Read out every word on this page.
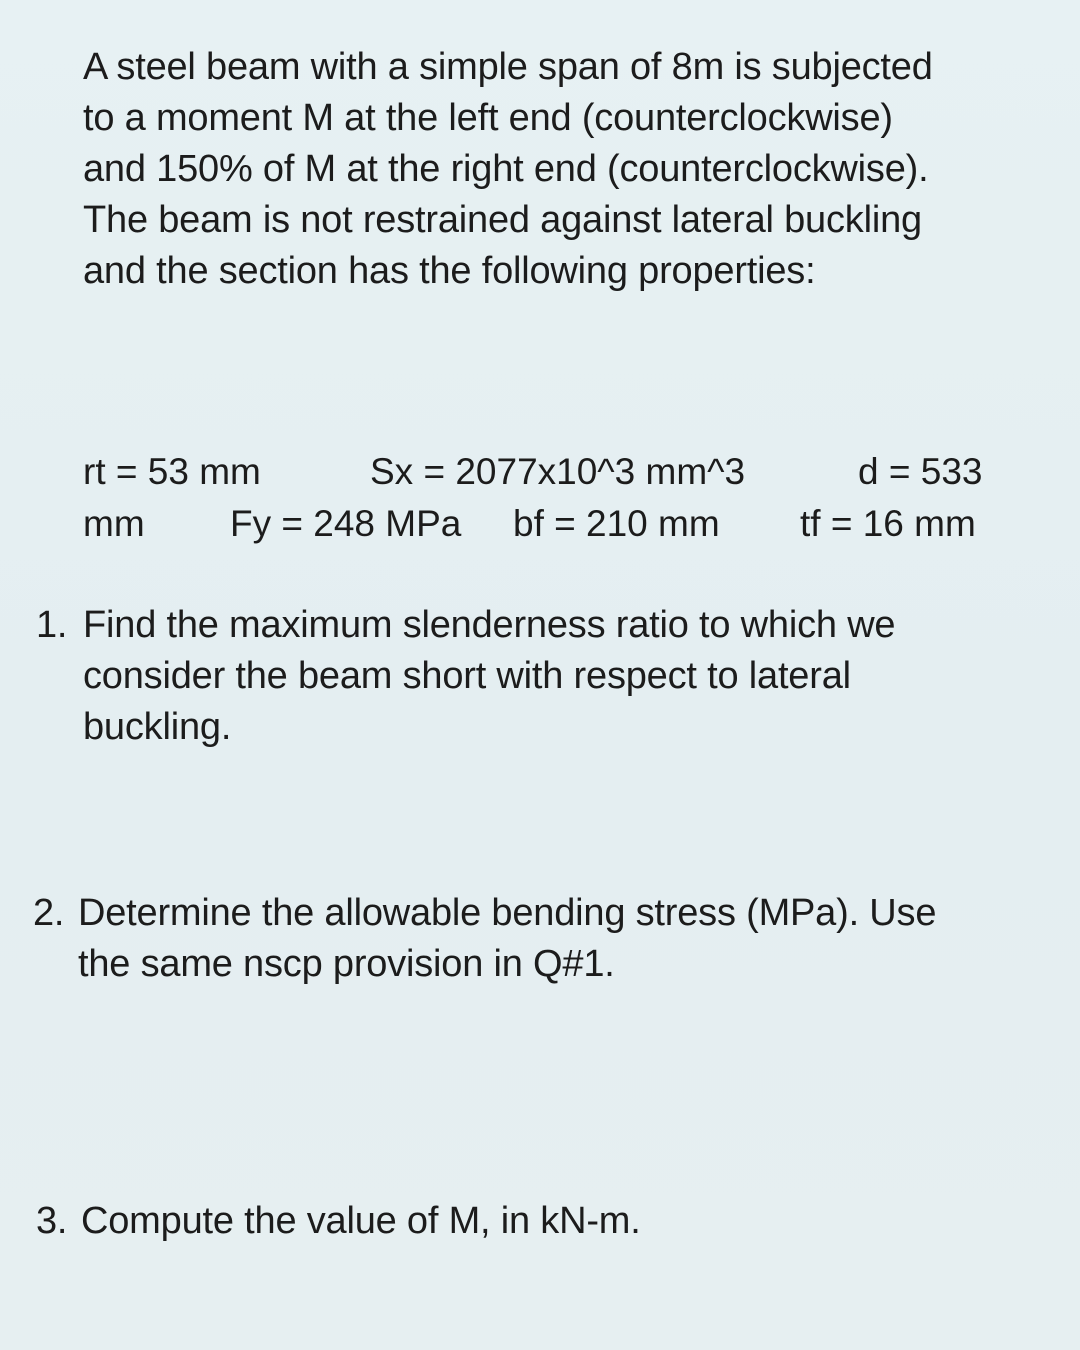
A steel beam with a simple span of 8m is subjected
to a moment M at the left end (counterclockwise)
and 150% of M at the right end (counterclockwise).
The beam is not restrained against lateral buckling
and the section has the following properties:
rt = 53 mm	Sx = 2077x10^3 mm^3	d = 533
mm Fy = 248 MPa bf = 210 mm tf = 16 mm
1. Find the maximum slenderness ratio to which we
consider the beam short with respect to lateral
buckling.
2. Determine the allowable bending stress (MPa). Use
the same nscp provision in Q#1.
3. Compute the value of M, in kN-m.
